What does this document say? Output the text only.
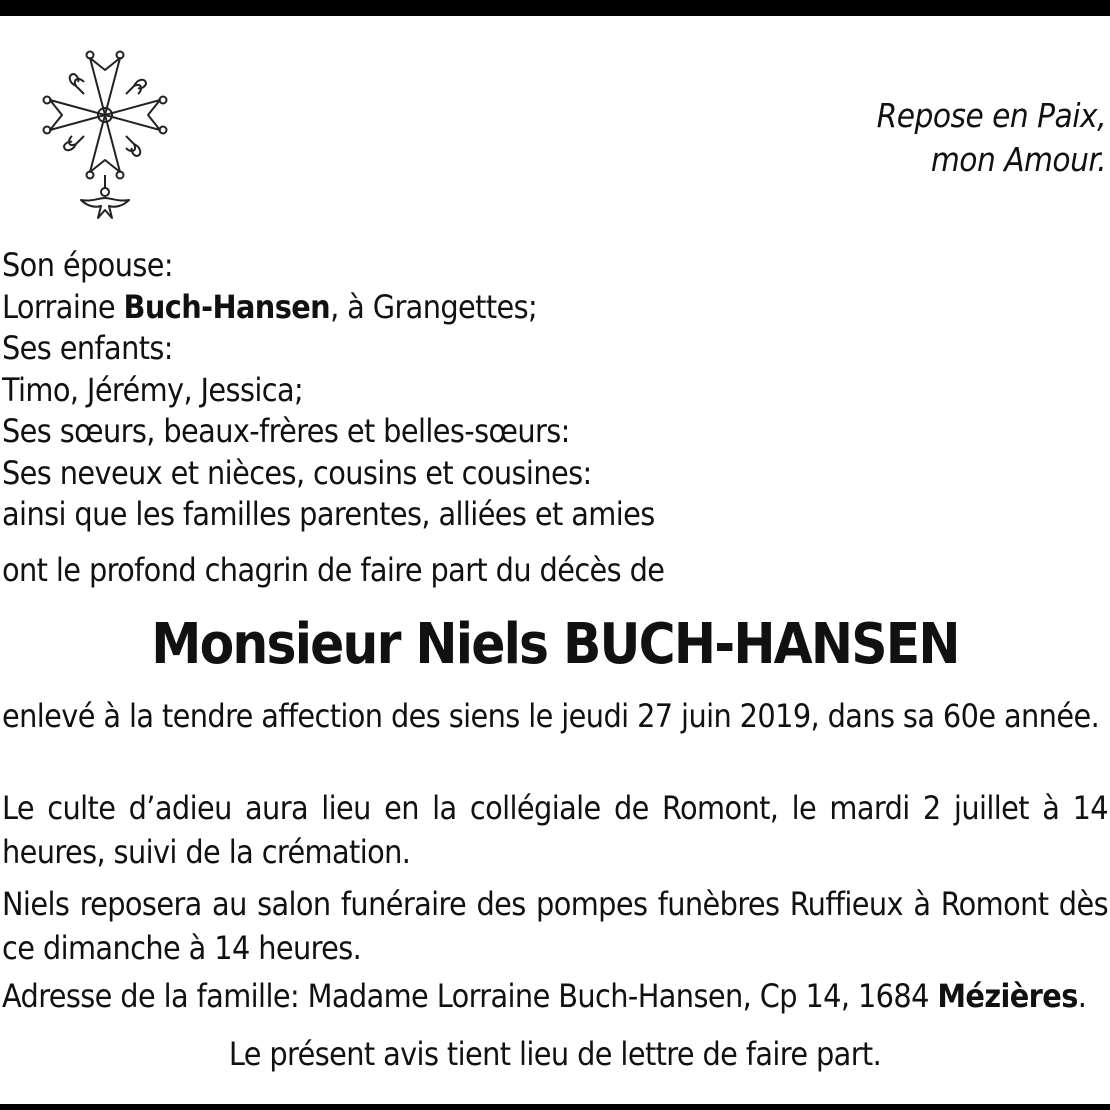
Repose en Paix,
mon Amour.
Son épouse:
Lorraine Buch-Hansen, à Grangettes;
Ses enfants:
Timo, Jérémy, Jessica;
Ses sœurs, beaux-frères et belles-sœurs:
Ses neveux et nièces, cousins et cousines:
ainsi que les familles parentes, alliées et amies
ont le profond chagrin de faire part du décès de
Monsieur Niels BUCH-HANSEN
enlevé à la tendre affection des siens le jeudi 27 juin 2019, dans sa 60e année.
Le culte d’adieu aura lieu en la collégiale de Romont, le mardi 2 juillet à 14 heures, suivi de la crémation.
Niels reposera au salon funéraire des pompes funèbres Ruffieux à Romont dès ce dimanche à 14 heures.
Adresse de la famille: Madame Lorraine Buch-Hansen, Cp 14, 1684 Mézières.
Le présent avis tient lieu de lettre de faire part.
